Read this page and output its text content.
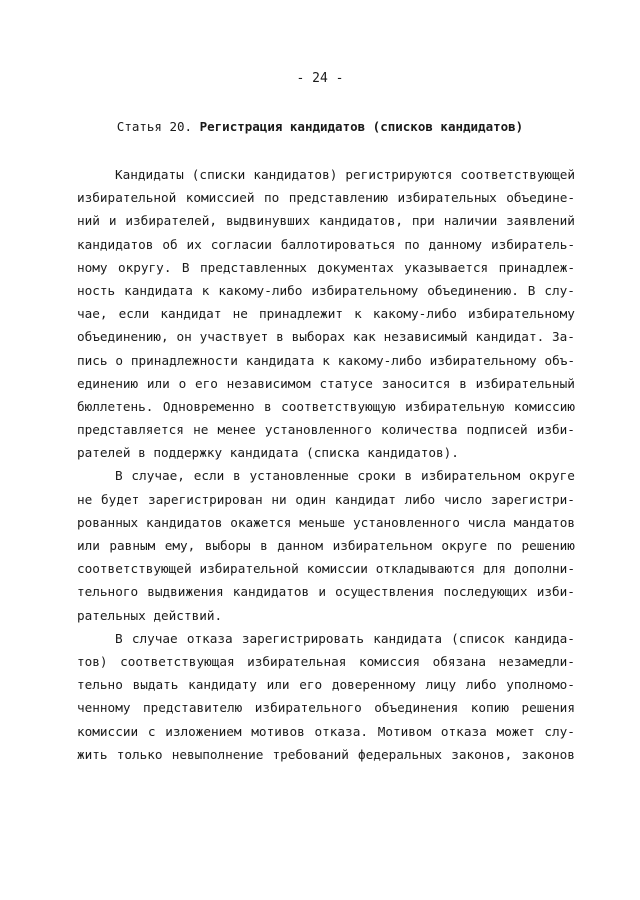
- 24 -
Статья 20. Регистрация кандидатов (списков кандидатов)
Кандидаты (списки кандидатов) регистрируются соответствующей
избирательной комиссией по представлению избирательных объедине-
ний и избирателей, выдвинувших кандидатов, при наличии заявлений
кандидатов об их согласии баллотироваться по данному избиратель-
ному округу. В представленных документах указывается принадлеж-
ность кандидата к какому-либо избирательному объединению. В слу-
чае, если кандидат не принадлежит к какому-либо избирательному
объединению, он участвует в выборах как независимый кандидат. За-
пись о принадлежности кандидата к какому-либо избирательному объ-
единению или о его независимом статусе заносится в избирательный
бюллетень. Одновременно в соответствующую избирательную комиссию
представляется не менее установленного количества подписей изби-
рателей в поддержку кандидата (списка кандидатов).
В случае, если в установленные сроки в избирательном округе
не будет зарегистрирован ни один кандидат либо число зарегистри-
рованных кандидатов окажется меньше установленного числа мандатов
или равным ему, выборы в данном избирательном округе по решению
соответствующей избирательной комиссии откладываются для дополни-
тельного выдвижения кандидатов и осуществления последующих изби-
рательных действий.
В случае отказа зарегистрировать кандидата (список кандида-
тов) соответствующая избирательная комиссия обязана незамедли-
тельно выдать кандидату или его доверенному лицу либо уполномо-
ченному представителю избирательного объединения копию решения
комиссии с изложением мотивов отказа. Мотивом отказа может слу-
жить только невыполнение требований федеральных законов, законов
